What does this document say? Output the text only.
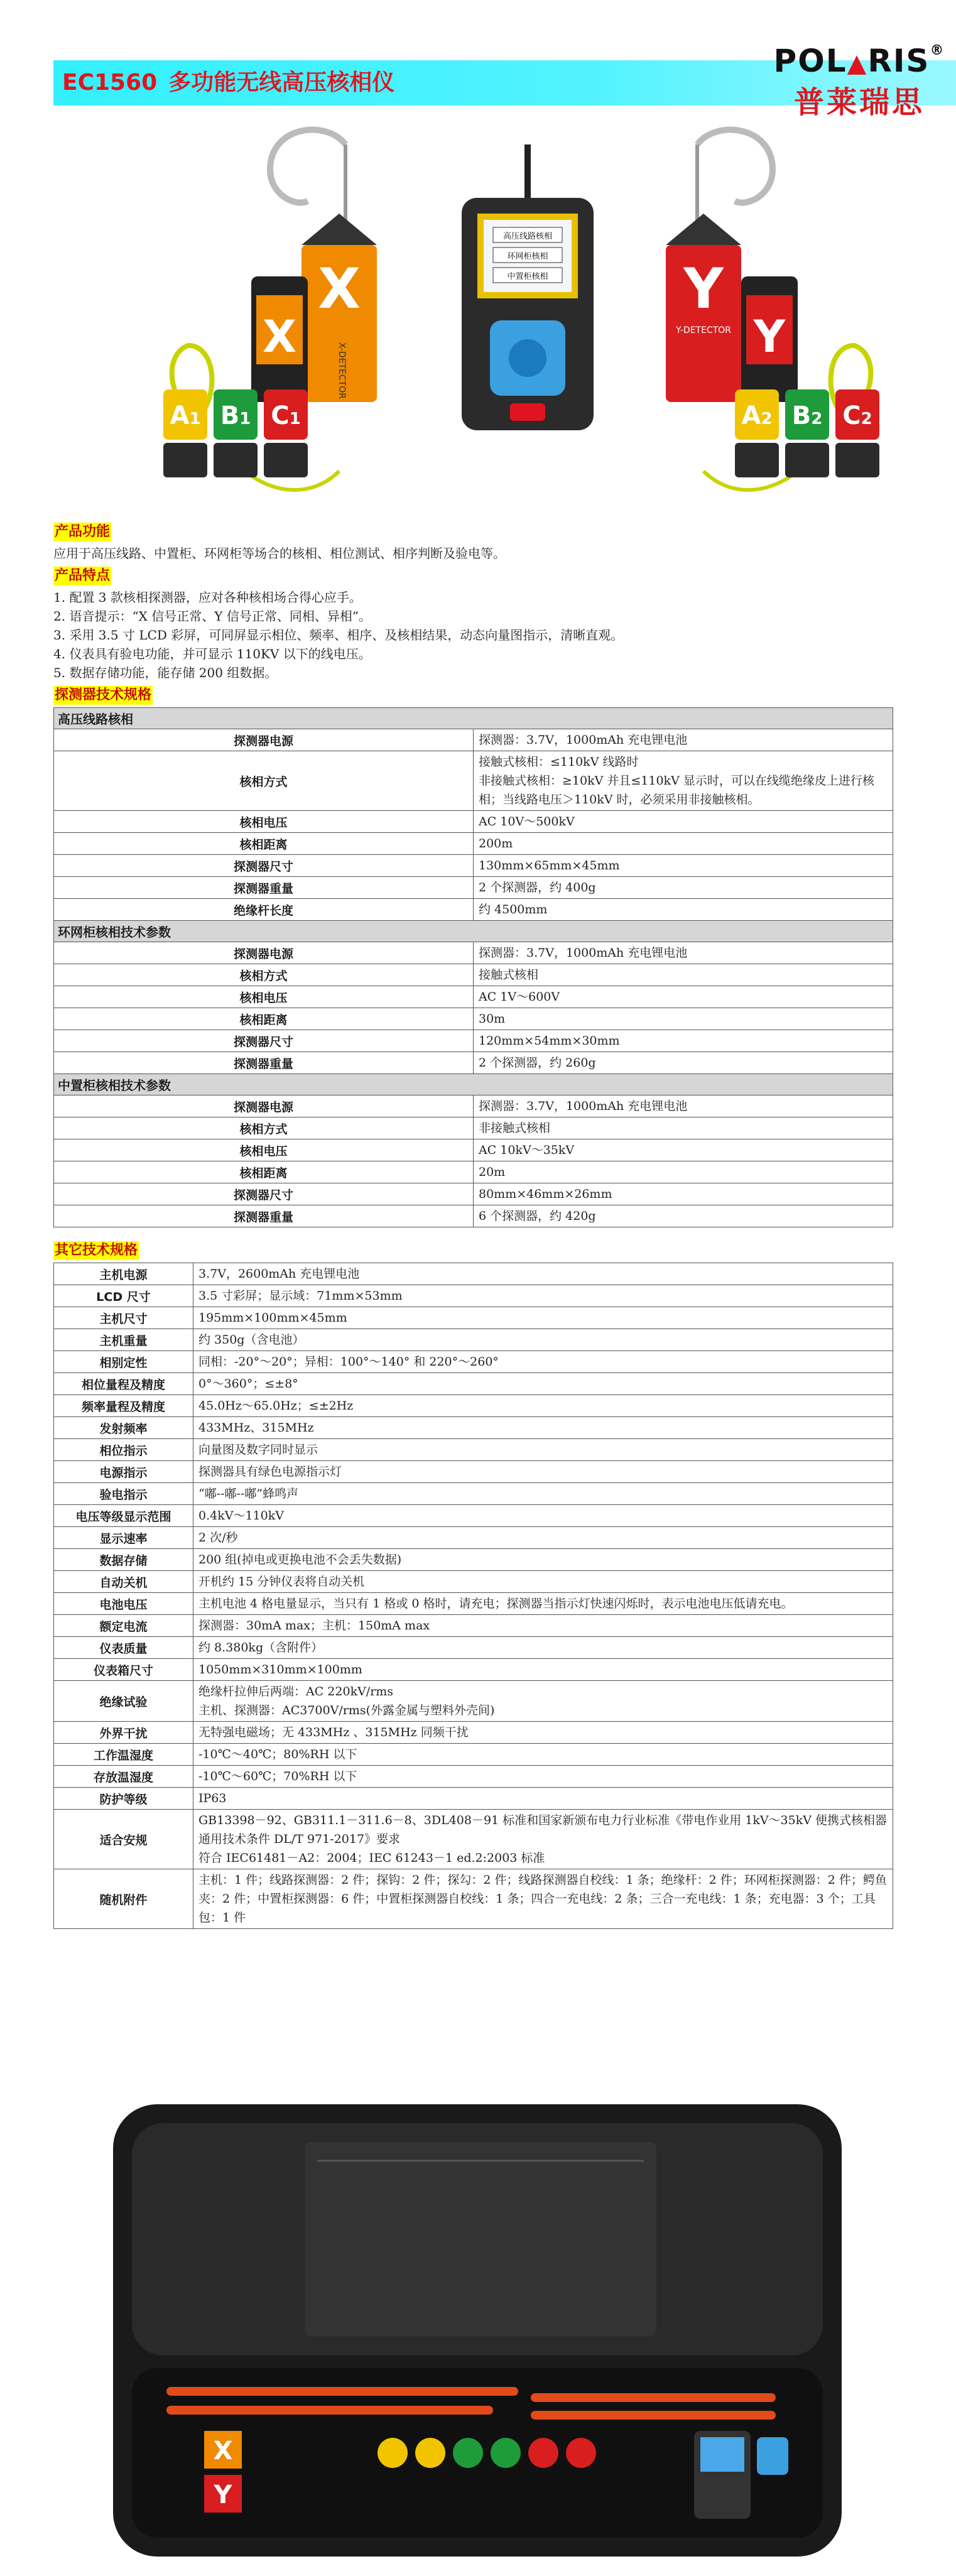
EC1560 多功能无线高压核相仪
POL▲RIS®
普莱瑞思
X
X-DETECTOR
X
高压线路核相
环网柜核相
中置柜核相 Y
Y-DETECTOR Y
A1 B1 C1	A2 B2 C2
产品功能
应用于高压线路、中置柜、环网柜等场合的核相、相位测试、相序判断及验电等。
产品特点
1. 配置 3 款核相探测器，应对各种核相场合得心应手。
2. 语音提示：“X 信号正常、Y 信号正常、同相、异相”。
3. 采用 3.5 寸 LCD 彩屏，可同屏显示相位、频率、相序、及核相结果，动态向量图指示，清晰直观。
4. 仪表具有验电功能，并可显示 110KV 以下的线电压。
5. 数据存储功能，能存储 200 组数据。
探测器技术规格
高压线路核相	
探测器电源	探测器：3.7V，1000mAh 充电锂电池

核相方式	接触式核相：≤110kV 线路时
非接触式核相：≥10kV 并且≤110kV 显示时，可以在线缆绝缘皮上进行核相；当线路电压＞110kV 时，必须采用非接触核相。

核相电压	AC 10V～500kV

核相距离	200m

探测器尺寸	130mm×65mm×45mm

探测器重量	2 个探测器，约 400g

绝缘杆长度	约 4500mm

环网柜核相技术参数	
探测器电源	探测器：3.7V，1000mAh 充电锂电池

核相方式	接触式核相

核相电压	AC 1V～600V

核相距离	30m

探测器尺寸	120mm×54mm×30mm

探测器重量	2 个探测器，约 260g

中置柜核相技术参数	
探测器电源	探测器：3.7V，1000mAh 充电锂电池

核相方式	非接触式核相

核相电压	AC 10kV～35kV

核相距离	20m

探测器尺寸	80mm×46mm×26mm

探测器重量	6 个探测器，约 420g
其它技术规格
主机电源	3.7V，2600mAh 充电锂电池

LCD 尺寸	3.5 寸彩屏；显示域：71mm×53mm

主机尺寸	195mm×100mm×45mm

主机重量	约 350g（含电池）

相别定性	同相：-20°～20°；异相：100°～140° 和 220°～260°

相位量程及精度	0°～360°；≤±8°

频率量程及精度	45.0Hz～65.0Hz；≤±2Hz

发射频率	433MHz、315MHz

相位指示	向量图及数字同时显示

电源指示	探测器具有绿色电源指示灯

验电指示	“嘟--嘟--嘟”蜂鸣声

电压等级显示范围	0.4kV～110kV

显示速率	2 次/秒

数据存储	200 组(掉电或更换电池不会丢失数据)

自动关机	开机约 15 分钟仪表将自动关机

电池电压	主机电池 4 格电量显示，当只有 1 格或 0 格时，请充电；探测器当指示灯快速闪烁时，表示电池电压低请充电。

额定电流	探测器：30mA max；主机：150mA max

仪表质量	约 8.380kg（含附件）

仪表箱尺寸	1050mm×310mm×100mm

绝缘试验	绝缘杆拉伸后两端：AC 220kV/rms
主机、探测器：AC3700V/rms(外露金属与塑料外壳间)

外界干扰	无特强电磁场；无 433MHz 、315MHz 同频干扰

工作温湿度	-10℃～40℃；80%RH 以下

存放温湿度	-10℃～60℃；70%RH 以下

防护等级	IP63

适合安规	GB13398－92、GB311.1－311.6－8、3DL408－91 标准和国家新颁布电力行业标准《带电作业用 1kV～35kV 便携式核相器通用技术条件 DL/T 971-2017》要求
符合 IEC61481－A2：2004；IEC 61243－1 ed.2:2003 标准

随机附件	主机：1 件；线路探测器：2 件；探钩：2 件；探勾：2 件；线路探测器自校线：1 条；绝缘杆：2 件；环网柜探测器：2 件；鳄鱼夹：2 件；中置柜探测器：6 件；中置柜探测器自校线：1 条；四合一充电线：2 条；三合一充电线：1 条；充电器：3 个；工具包：1 件
X
Y
